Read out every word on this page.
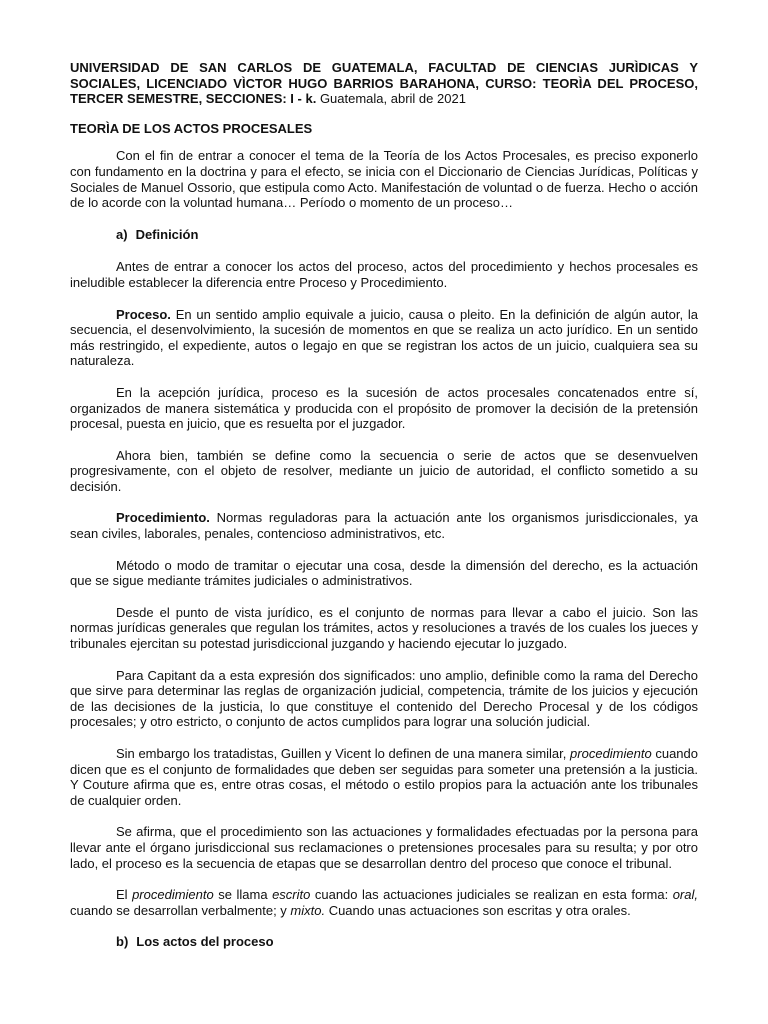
UNIVERSIDAD DE SAN CARLOS DE GUATEMALA, FACULTAD DE CIENCIAS JURÌDICAS Y SOCIALES, LICENCIADO VÌCTOR HUGO BARRIOS BARAHONA, CURSO: TEORÌA DEL PROCESO, TERCER SEMESTRE, SECCIONES: I - k. Guatemala, abril de 2021

TEORÌA DE LOS ACTOS PROCESALES

Con el fin de entrar a conocer el tema de la Teoría de los Actos Procesales, es preciso exponerlo con fundamento en la doctrina y para el efecto, se inicia con el Diccionario de Ciencias Jurídicas, Políticas y Sociales de Manuel Ossorio, que estipula como Acto. Manifestación de voluntad o de fuerza. Hecho o acción de lo acorde con la voluntad humana… Período o momento de un proceso…

a) Definición

Antes de entrar a conocer los actos del proceso, actos del procedimiento y hechos procesales es ineludible establecer la diferencia entre Proceso y Procedimiento.

Proceso. En un sentido amplio equivale a juicio, causa o pleito. En la definición de algún autor, la secuencia, el desenvolvimiento, la sucesión de momentos en que se realiza un acto jurídico. En un sentido más restringido, el expediente, autos o legajo en que se registran los actos de un juicio, cualquiera sea su naturaleza.

En la acepción jurídica, proceso es la sucesión de actos procesales concatenados entre sí, organizados de manera sistemática y producida con el propósito de promover la decisión de la pretensión procesal, puesta en juicio, que es resuelta por el juzgador.

Ahora bien, también se define como la secuencia o serie de actos que se desenvuelven progresivamente, con el objeto de resolver, mediante un juicio de autoridad, el conflicto sometido a su decisión.

Procedimiento. Normas reguladoras para la actuación ante los organismos jurisdiccionales, ya sean civiles, laborales, penales, contencioso administrativos, etc.

Método o modo de tramitar o ejecutar una cosa, desde la dimensión del derecho, es la actuación que se sigue mediante trámites judiciales o administrativos.

Desde el punto de vista jurídico, es el conjunto de normas para llevar a cabo el juicio. Son las normas jurídicas generales que regulan los trámites, actos y resoluciones a través de los cuales los jueces y tribunales ejercitan su potestad jurisdiccional juzgando y haciendo ejecutar lo juzgado.

Para Capitant da a esta expresión dos significados: uno amplio, definible como la rama del Derecho que sirve para determinar las reglas de organización judicial, competencia, trámite de los juicios y ejecución de las decisiones de la justicia, lo que constituye el contenido del Derecho Procesal y de los códigos procesales; y otro estricto, o conjunto de actos cumplidos para lograr una solución judicial.

Sin embargo los tratadistas, Guillen y Vicent lo definen de una manera similar, procedimiento cuando dicen que es el conjunto de formalidades que deben ser seguidas para someter una pretensión a la justicia. Y Couture afirma que es, entre otras cosas, el método o estilo propios para la actuación ante los tribunales de cualquier orden.

Se afirma, que el procedimiento son las actuaciones y formalidades efectuadas por la persona para llevar ante el órgano jurisdiccional sus reclamaciones o pretensiones procesales para su resulta; y por otro lado, el proceso es la secuencia de etapas que se desarrollan dentro del proceso que conoce el tribunal.

El procedimiento se llama escrito cuando las actuaciones judiciales se realizan en esta forma: oral, cuando se desarrollan verbalmente; y mixto. Cuando unas actuaciones son escritas y otra orales.

b) Los actos del proceso
